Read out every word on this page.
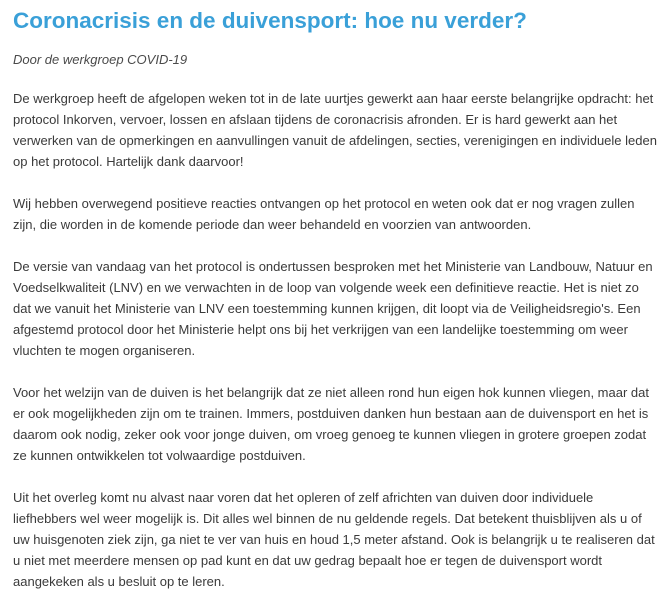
Coronacrisis en de duivensport: hoe nu verder?

Door de werkgroep COVID-19

De werkgroep heeft de afgelopen weken tot in de late uurtjes gewerkt aan haar eerste belangrijke opdracht: het protocol Inkorven, vervoer, lossen en afslaan tijdens de coronacrisis afronden. Er is hard gewerkt aan het verwerken van de opmerkingen en aanvullingen vanuit de afdelingen, secties, verenigingen en individuele leden op het protocol. Hartelijk dank daarvoor!

Wij hebben overwegend positieve reacties ontvangen op het protocol en weten ook dat er nog vragen zullen zijn, die worden in de komende periode dan weer behandeld en voorzien van antwoorden.

De versie van vandaag van het protocol is ondertussen besproken met het Ministerie van Landbouw, Natuur en Voedselkwaliteit (LNV) en we verwachten in de loop van volgende week een definitieve reactie. Het is niet zo dat we vanuit het Ministerie van LNV een toestemming kunnen krijgen, dit loopt via de Veiligheidsregio's. Een afgestemd protocol door het Ministerie helpt ons bij het verkrijgen van een landelijke toestemming om weer vluchten te mogen organiseren.

Voor het welzijn van de duiven is het belangrijk dat ze niet alleen rond hun eigen hok kunnen vliegen, maar dat er ook mogelijkheden zijn om te trainen. Immers, postduiven danken hun bestaan aan de duivensport en het is daarom ook nodig, zeker ook voor jonge duiven, om vroeg genoeg te kunnen vliegen in grotere groepen zodat ze kunnen ontwikkelen tot volwaardige postduiven.

Uit het overleg komt nu alvast naar voren dat het opleren of zelf africhten van duiven door individuele liefhebbers wel weer mogelijk is. Dit alles wel binnen de nu geldende regels. Dat betekent thuisblijven als u of uw huisgenoten ziek zijn, ga niet te ver van huis en houd 1,5 meter afstand. Ook is belangrijk u te realiseren dat u niet met meerdere mensen op pad kunt en dat uw gedrag bepaalt hoe er tegen de duivensport wordt aangekeken als u besluit op te leren.
